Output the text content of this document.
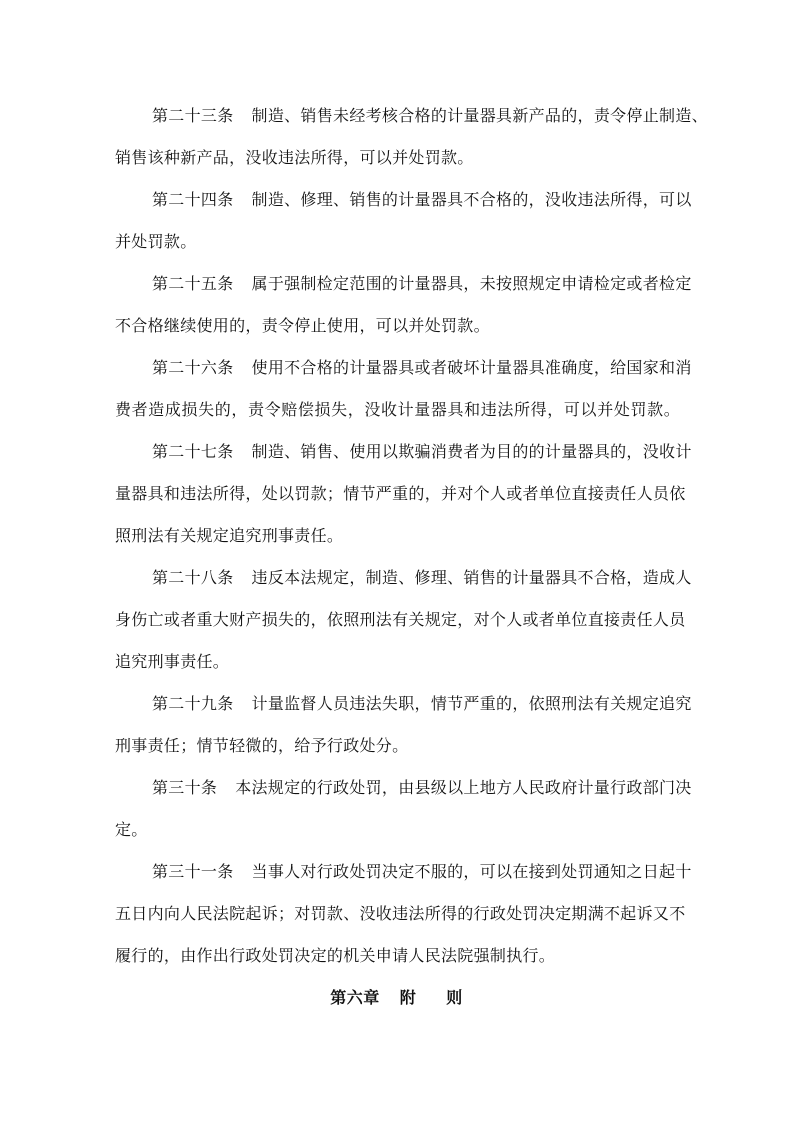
第二十三条 制造、销售未经考核合格的计量器具新产品的，责令停止制造、
销售该种新产品，没收违法所得，可以并处罚款。
第二十四条 制造、修理、销售的计量器具不合格的，没收违法所得，可以
并处罚款。
第二十五条 属于强制检定范围的计量器具，未按照规定申请检定或者检定
不合格继续使用的，责令停止使用，可以并处罚款。
第二十六条 使用不合格的计量器具或者破坏计量器具准确度，给国家和消
费者造成损失的，责令赔偿损失，没收计量器具和违法所得，可以并处罚款。
第二十七条 制造、销售、使用以欺骗消费者为目的的计量器具的，没收计
量器具和违法所得，处以罚款；情节严重的，并对个人或者单位直接责任人员依
照刑法有关规定追究刑事责任。
第二十八条 违反本法规定，制造、修理、销售的计量器具不合格，造成人
身伤亡或者重大财产损失的，依照刑法有关规定，对个人或者单位直接责任人员
追究刑事责任。
第二十九条 计量监督人员违法失职，情节严重的，依照刑法有关规定追究
刑事责任；情节轻微的，给予行政处分。
第三十条 本法规定的行政处罚，由县级以上地方人民政府计量行政部门决
定。
第三十一条 当事人对行政处罚决定不服的，可以在接到处罚通知之日起十
五日内向人民法院起诉；对罚款、没收违法所得的行政处罚决定期满不起诉又不
履行的，由作出行政处罚决定的机关申请人民法院强制执行。
第六章 附 则
